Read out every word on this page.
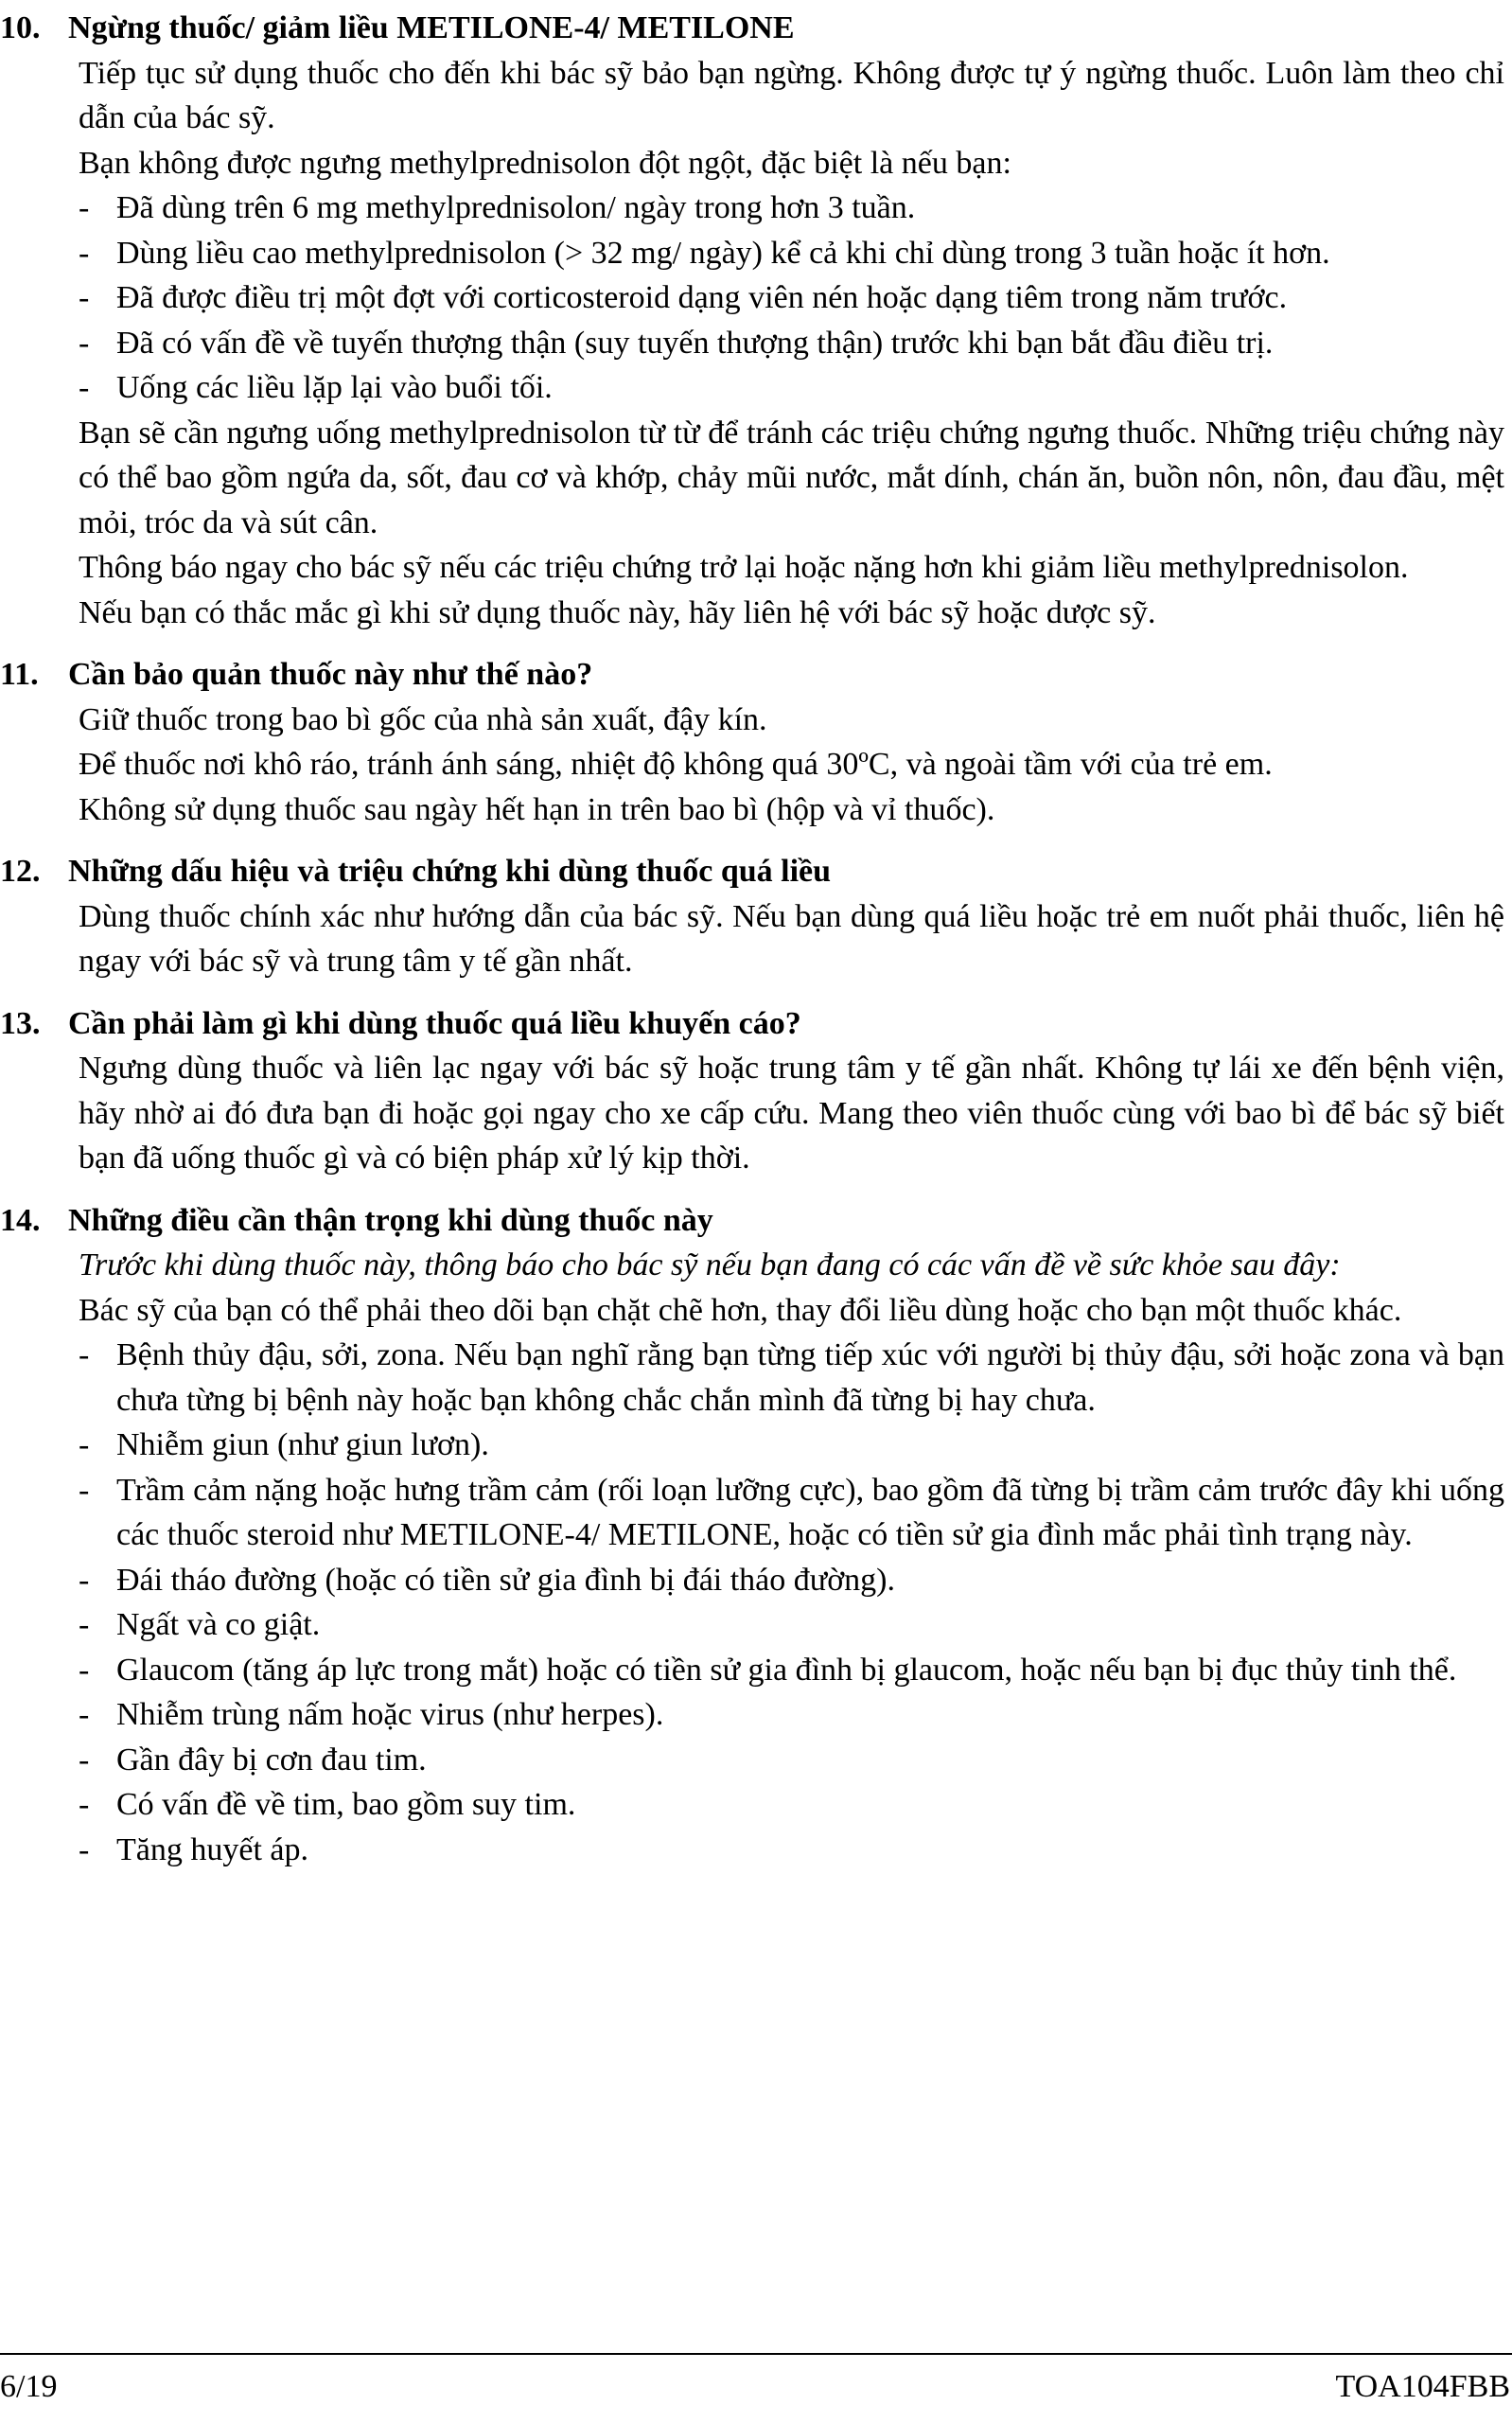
10. Ngừng thuốc/ giảm liều METILONE-4/ METILONE
Tiếp tục sử dụng thuốc cho đến khi bác sỹ bảo bạn ngừng. Không được tự ý ngừng thuốc. Luôn làm theo chỉ dẫn của bác sỹ.
Bạn không được ngưng methylprednisolon đột ngột, đặc biệt là nếu bạn:
- Đã dùng trên 6 mg methylprednisolon/ ngày trong hơn 3 tuần.
- Dùng liều cao methylprednisolon (> 32 mg/ ngày) kể cả khi chỉ dùng trong 3 tuần hoặc ít hơn.
- Đã được điều trị một đợt với corticosteroid dạng viên nén hoặc dạng tiêm trong năm trước.
- Đã có vấn đề về tuyến thượng thận (suy tuyến thượng thận) trước khi bạn bắt đầu điều trị.
- Uống các liều lặp lại vào buổi tối.
Bạn sẽ cần ngưng uống methylprednisolon từ từ để tránh các triệu chứng ngưng thuốc. Những triệu chứng này có thể bao gồm ngứa da, sốt, đau cơ và khớp, chảy mũi nước, mắt dính, chán ăn, buồn nôn, nôn, đau đầu, mệt mỏi, tróc da và sút cân.
Thông báo ngay cho bác sỹ nếu các triệu chứng trở lại hoặc nặng hơn khi giảm liều methylprednisolon.
Nếu bạn có thắc mắc gì khi sử dụng thuốc này, hãy liên hệ với bác sỹ hoặc dược sỹ.
11. Cần bảo quản thuốc này như thế nào?
Giữ thuốc trong bao bì gốc của nhà sản xuất, đậy kín.
Để thuốc nơi khô ráo, tránh ánh sáng, nhiệt độ không quá 30ºC, và ngoài tầm với của trẻ em.
Không sử dụng thuốc sau ngày hết hạn in trên bao bì (hộp và vỉ thuốc).
12. Những dấu hiệu và triệu chứng khi dùng thuốc quá liều
Dùng thuốc chính xác như hướng dẫn của bác sỹ. Nếu bạn dùng quá liều hoặc trẻ em nuốt phải thuốc, liên hệ ngay với bác sỹ và trung tâm y tế gần nhất.
13. Cần phải làm gì khi dùng thuốc quá liều khuyến cáo?
Ngưng dùng thuốc và liên lạc ngay với bác sỹ hoặc trung tâm y tế gần nhất. Không tự lái xe đến bệnh viện, hãy nhờ ai đó đưa bạn đi hoặc gọi ngay cho xe cấp cứu. Mang theo viên thuốc cùng với bao bì để bác sỹ biết bạn đã uống thuốc gì và có biện pháp xử lý kịp thời.
14. Những điều cần thận trọng khi dùng thuốc này
Trước khi dùng thuốc này, thông báo cho bác sỹ nếu bạn đang có các vấn đề về sức khỏe sau đây:
Bác sỹ của bạn có thể phải theo dõi bạn chặt chẽ hơn, thay đổi liều dùng hoặc cho bạn một thuốc khác.
- Bệnh thủy đậu, sởi, zona. Nếu bạn nghĩ rằng bạn từng tiếp xúc với người bị thủy đậu, sởi hoặc zona và bạn chưa từng bị bệnh này hoặc bạn không chắc chắn mình đã từng bị hay chưa.
- Nhiễm giun (như giun lươn).
- Trầm cảm nặng hoặc hưng trầm cảm (rối loạn lưỡng cực), bao gồm đã từng bị trầm cảm trước đây khi uống các thuốc steroid như METILONE-4/ METILONE, hoặc có tiền sử gia đình mắc phải tình trạng này.
- Đái tháo đường (hoặc có tiền sử gia đình bị đái tháo đường).
- Ngất và co giật.
- Glaucom (tăng áp lực trong mắt) hoặc có tiền sử gia đình bị glaucom, hoặc nếu bạn bị đục thủy tinh thể.
- Nhiễm trùng nấm hoặc virus (như herpes).
- Gần đây bị cơn đau tim.
- Có vấn đề về tim, bao gồm suy tim.
- Tăng huyết áp.
6/19	TOA104FBB
